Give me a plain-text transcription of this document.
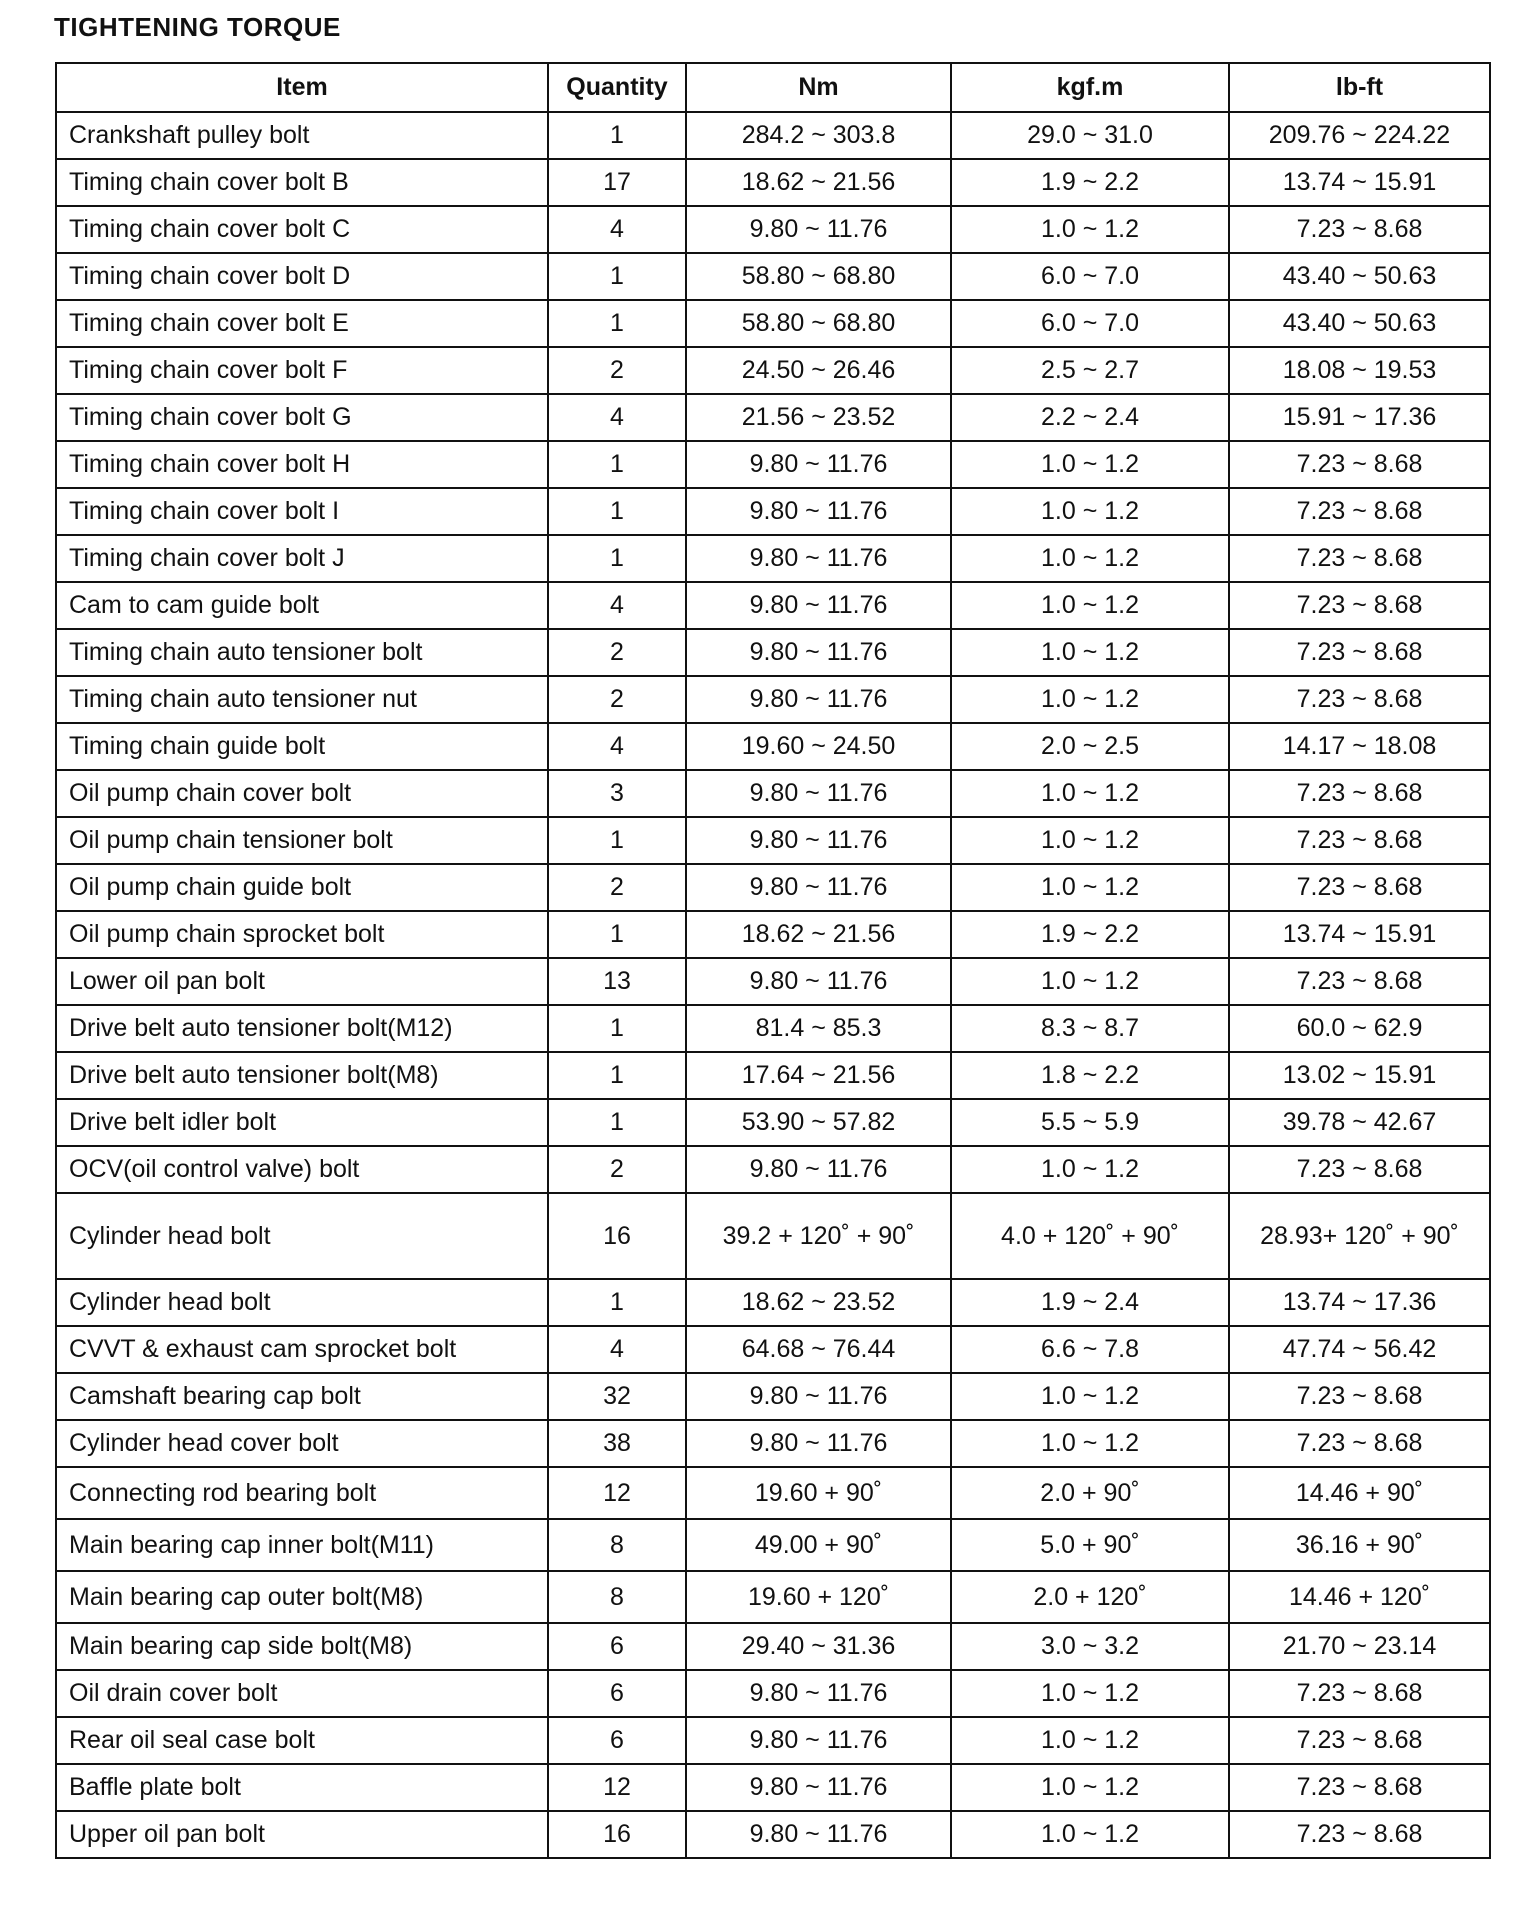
TIGHTENING TORQUE
Item	Quantity	Nm	kgf.m	lb-ft
Crankshaft pulley bolt	1	284.2 ~ 303.8	29.0 ~ 31.0	209.76 ~ 224.22
Timing chain cover bolt B	17	18.62 ~ 21.56	1.9 ~ 2.2	13.74 ~ 15.91
Timing chain cover bolt C	4	9.80 ~ 11.76	1.0 ~ 1.2	7.23 ~ 8.68
Timing chain cover bolt D	1	58.80 ~ 68.80	6.0 ~ 7.0	43.40 ~ 50.63
Timing chain cover bolt E	1	58.80 ~ 68.80	6.0 ~ 7.0	43.40 ~ 50.63
Timing chain cover bolt F	2	24.50 ~ 26.46	2.5 ~ 2.7	18.08 ~ 19.53
Timing chain cover bolt G	4	21.56 ~ 23.52	2.2 ~ 2.4	15.91 ~ 17.36
Timing chain cover bolt H	1	9.80 ~ 11.76	1.0 ~ 1.2	7.23 ~ 8.68
Timing chain cover bolt I	1	9.80 ~ 11.76	1.0 ~ 1.2	7.23 ~ 8.68
Timing chain cover bolt J	1	9.80 ~ 11.76	1.0 ~ 1.2	7.23 ~ 8.68
Cam to cam guide bolt	4	9.80 ~ 11.76	1.0 ~ 1.2	7.23 ~ 8.68
Timing chain auto tensioner bolt	2	9.80 ~ 11.76	1.0 ~ 1.2	7.23 ~ 8.68
Timing chain auto tensioner nut	2	9.80 ~ 11.76	1.0 ~ 1.2	7.23 ~ 8.68
Timing chain guide bolt	4	19.60 ~ 24.50	2.0 ~ 2.5	14.17 ~ 18.08
Oil pump chain cover bolt	3	9.80 ~ 11.76	1.0 ~ 1.2	7.23 ~ 8.68
Oil pump chain tensioner bolt	1	9.80 ~ 11.76	1.0 ~ 1.2	7.23 ~ 8.68
Oil pump chain guide bolt	2	9.80 ~ 11.76	1.0 ~ 1.2	7.23 ~ 8.68
Oil pump chain sprocket bolt	1	18.62 ~ 21.56	1.9 ~ 2.2	13.74 ~ 15.91
Lower oil pan bolt	13	9.80 ~ 11.76	1.0 ~ 1.2	7.23 ~ 8.68
Drive belt auto tensioner bolt(M12)	1	81.4 ~ 85.3	8.3 ~ 8.7	60.0 ~ 62.9
Drive belt auto tensioner bolt(M8)	1	17.64 ~ 21.56	1.8 ~ 2.2	13.02 ~ 15.91
Drive belt idler bolt	1	53.90 ~ 57.82	5.5 ~ 5.9	39.78 ~ 42.67
OCV(oil control valve) bolt	2	9.80 ~ 11.76	1.0 ~ 1.2	7.23 ~ 8.68
Cylinder head bolt	16	39.2 + 120˚ + 90˚	4.0 + 120˚ + 90˚	28.93+ 120˚ + 90˚
Cylinder head bolt	1	18.62 ~ 23.52	1.9 ~ 2.4	13.74 ~ 17.36
CVVT & exhaust cam sprocket bolt	4	64.68 ~ 76.44	6.6 ~ 7.8	47.74 ~ 56.42
Camshaft bearing cap bolt	32	9.80 ~ 11.76	1.0 ~ 1.2	7.23 ~ 8.68
Cylinder head cover bolt	38	9.80 ~ 11.76	1.0 ~ 1.2	7.23 ~ 8.68
Connecting rod bearing bolt	12	19.60 + 90˚	2.0 + 90˚	14.46 + 90˚
Main bearing cap inner bolt(M11)	8	49.00 + 90˚	5.0 + 90˚	36.16 + 90˚
Main bearing cap outer bolt(M8)	8	19.60 + 120˚	2.0 + 120˚	14.46 + 120˚
Main bearing cap side bolt(M8)	6	29.40 ~ 31.36	3.0 ~ 3.2	21.70 ~ 23.14
Oil drain cover bolt	6	9.80 ~ 11.76	1.0 ~ 1.2	7.23 ~ 8.68
Rear oil seal case bolt	6	9.80 ~ 11.76	1.0 ~ 1.2	7.23 ~ 8.68
Baffle plate bolt	12	9.80 ~ 11.76	1.0 ~ 1.2	7.23 ~ 8.68
Upper oil pan bolt	16	9.80 ~ 11.76	1.0 ~ 1.2	7.23 ~ 8.68
